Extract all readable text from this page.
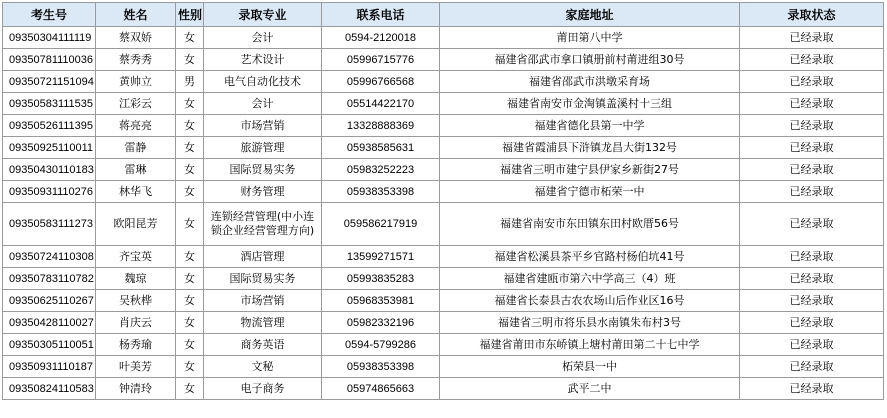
考生号	姓名	性别	录取专业	联系电话	家庭地址	录取状态
09350304111119	蔡双娇	女	会计	0594-2120018	莆田第八中学	已经录取
09350781110036	蔡秀秀	女	艺术设计	05996715776	福建省邵武市拿口镇册前村莆进组30号	已经录取
09350721151094	黄帅立	男	电气自动化技术	05996766568	福建省邵武市洪墩采育场	已经录取
09350583111535	江彩云	女	会计	05514422170	福建省南安市金淘镇盖溪村十三组	已经录取
09350526111395	蒋亮亮	女	市场营销	13328888369	福建省德化县第一中学	已经录取
09350925110011	雷静	女	旅游管理	05938585631	福建省霞浦县下浒镇龙昌大街132号	已经录取
09350430110183	雷琳	女	国际贸易实务	05983252223	福建省三明市建宁县伊家乡新街27号	已经录取
09350931110276	林华飞	女	财务管理	05938353398	福建省宁德市柘荣一中	已经录取
09350583111273	欧阳昆芳	女	连锁经营管理(中小连锁企业经营管理方向)	059586217919	福建省南安市东田镇东田村欧厝56号	已经录取
09350724110308	齐宝英	女	酒店管理	13599271571	福建省松溪县茶平乡官路村杨伯坑41号	已经录取
09350783110782	魏琼	女	国际贸易实务	05993835283	福建省建瓯市第六中学高三（4）班	已经录取
09350625110267	吴秋桦	女	市场营销	05968353981	福建省长泰县古农农场山后作业区16号	已经录取
09350428110027	肖庆云	女	物流管理	05982332196	福建省三明市将乐县水南镇朱布村3号	已经录取
09350305110051	杨秀瑜	女	商务英语	0594-5799286	福建省莆田市东峤镇上塘村莆田第二十七中学	已经录取
09350931110187	叶美芳	女	文秘	05938353398	柘荣县一中	已经录取
09350824110583	钟清玲	女	电子商务	05974865663	武平二中	已经录取
